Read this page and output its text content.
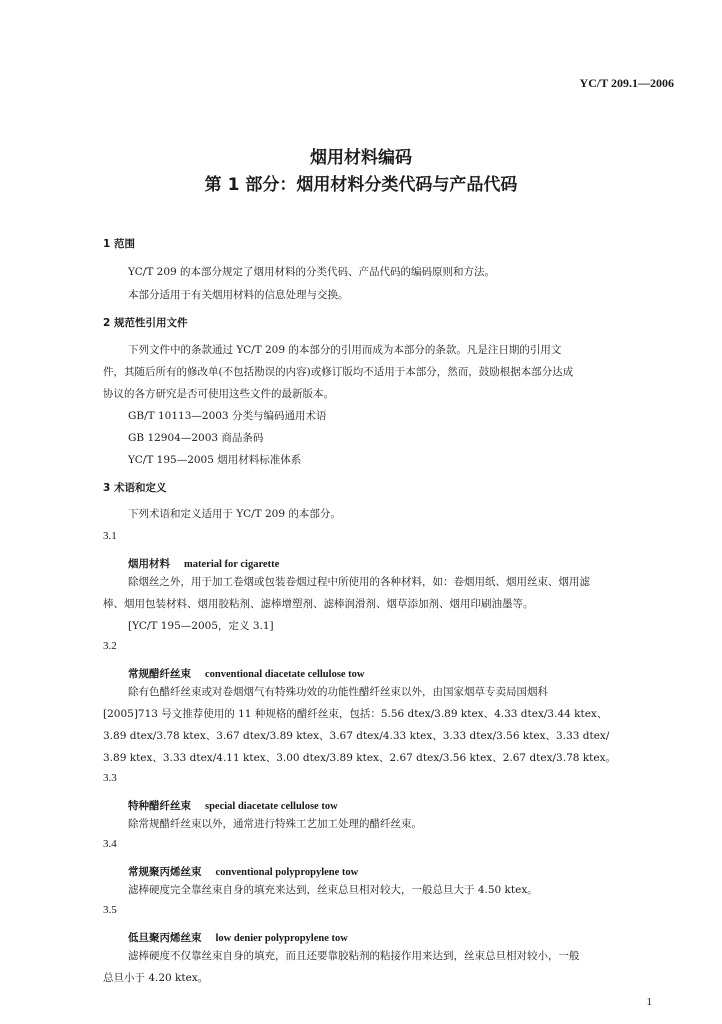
YC/T 209.1—2006
烟用材料编码
第 1 部分：烟用材料分类代码与产品代码
1 范围
YC/T 209 的本部分规定了烟用材料的分类代码、产品代码的编码原则和方法。
本部分适用于有关烟用材料的信息处理与交换。
2 规范性引用文件
下列文件中的条款通过 YC/T 209 的本部分的引用而成为本部分的条款。凡是注日期的引用文
件，其随后所有的修改单(不包括勘误的内容)或修订版均不适用于本部分，然而，鼓励根据本部分达成
协议的各方研究是否可使用这些文件的最新版本。
GB/T 10113—2003 分类与编码通用术语
GB 12904—2003 商品条码
YC/T 195—2005 烟用材料标准体系
3 术语和定义
下列术语和定义适用于 YC/T 209 的本部分。
3.1
烟用材料 material for cigarette
除烟丝之外，用于加工卷烟或包装卷烟过程中所使用的各种材料，如：卷烟用纸、烟用丝束、烟用滤
棒、烟用包装材料、烟用胶粘剂、滤棒增塑剂、滤棒润滑剂、烟草添加剂、烟用印刷油墨等。
[YC/T 195—2005，定义 3.1]
3.2
常规醋纤丝束 conventional diacetate cellulose tow
除有色醋纤丝束或对卷烟烟气有特殊功效的功能性醋纤丝束以外，由国家烟草专卖局国烟科
[2005]713 号文推荐使用的 11 种规格的醋纤丝束，包括：5.56 dtex/3.89 ktex、4.33 dtex/3.44 ktex、
3.89 dtex/3.78 ktex、3.67 dtex/3.89 ktex、3.67 dtex/4.33 ktex、3.33 dtex/3.56 ktex、3.33 dtex/
3.89 ktex、3.33 dtex/4.11 ktex、3.00 dtex/3.89 ktex、2.67 dtex/3.56 ktex、2.67 dtex/3.78 ktex。
3.3
特种醋纤丝束 special diacetate cellulose tow
除常规醋纤丝束以外，通常进行特殊工艺加工处理的醋纤丝束。
3.4
常规聚丙烯丝束 conventional polypropylene tow
滤棒硬度完全靠丝束自身的填充来达到，丝束总旦相对较大，一般总旦大于 4.50 ktex。
3.5
低旦聚丙烯丝束 low denier polypropylene tow
滤棒硬度不仅靠丝束自身的填充，而且还要靠胶粘剂的粘接作用来达到，丝束总旦相对较小，一般
总旦小于 4.20 ktex。
1
